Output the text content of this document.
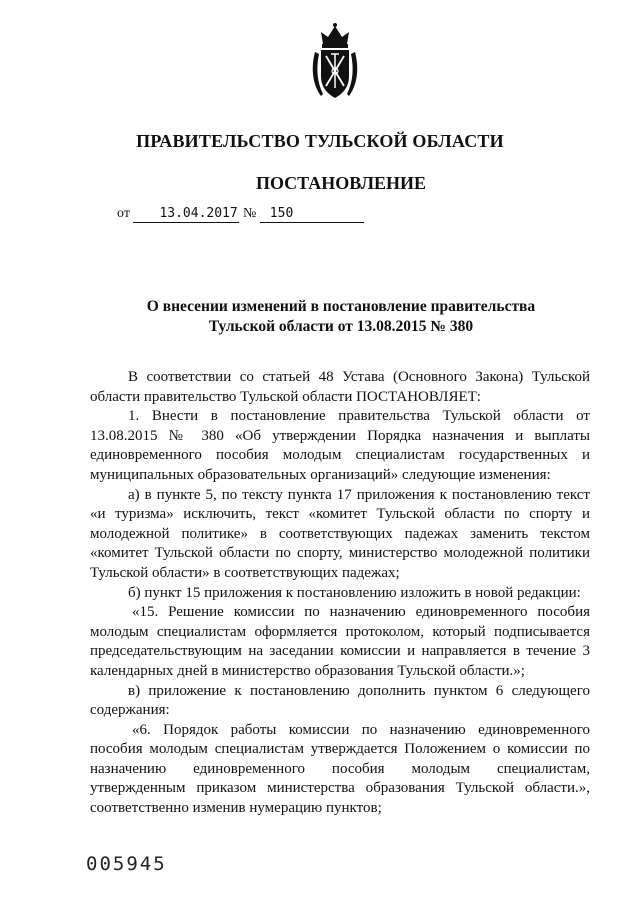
ПРАВИТЕЛЬСТВО ТУЛЬСКОЙ ОБЛАСТИ
ПОСТАНОВЛЕНИЕ
от 13.04.2017 № 150
О внесении изменений в постановление правительства
Тульской области от 13.08.2015 № 380

В соответствии со статьей 48 Устава (Основного Закона) Тульской области правительство Тульской области ПОСТАНОВЛЯЕТ:

1. Внести в постановление правительства Тульской области от 13.08.2015 № 380 «Об утверждении Порядка назначения и выплаты единовременного пособия молодым специалистам государственных и муниципальных образовательных организаций» следующие изменения:

а) в пункте 5, по тексту пункта 17 приложения к постановлению текст «и туризма» исключить, текст «комитет Тульской области по спорту и молодежной политике» в соответствующих падежах заменить текстом «комитет Тульской области по спорту, министерство молодежной политики Тульской области» в соответствующих падежах;

б) пункт 15 приложения к постановлению изложить в новой редакции:

«15. Решение комиссии по назначению единовременного пособия молодым специалистам оформляется протоколом, который подписывается председательствующим на заседании комиссии и направляется в течение 3 календарных дней в министерство образования Тульской области.»;

в) приложение к постановлению дополнить пунктом 6 следующего содержания:

«6. Порядок работы комиссии по назначению единовременного пособия молодым специалистам утверждается Положением о комиссии по назначению единовременного пособия молодым специалистам, утвержденным приказом министерства образования Тульской области.», соответственно изменив нумерацию пунктов;

005945
